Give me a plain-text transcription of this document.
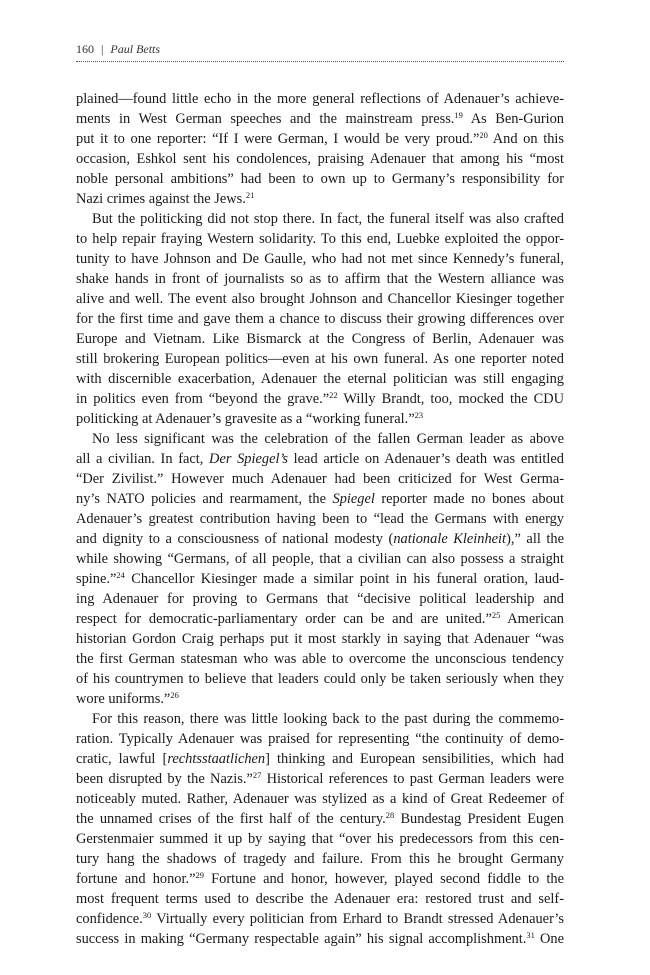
160 | Paul Betts
plained—found little echo in the more general reflections of Adenauer’s achieve-
ments in West German speeches and the mainstream press.$^{19}$ As Ben-Gurion
put it to one reporter: “If I were German, I would be very proud.”$^{20}$ And on this
occasion, Eshkol sent his condolences, praising Adenauer that among his “most
noble personal ambitions” had been to own up to Germany’s responsibility for
Nazi crimes against the Jews.$^{21}$
But the politicking did not stop there. In fact, the funeral itself was also crafted
to help repair fraying Western solidarity. To this end, Luebke exploited the oppor-
tunity to have Johnson and De Gaulle, who had not met since Kennedy’s funeral,
shake hands in front of journalists so as to affirm that the Western alliance was
alive and well. The event also brought Johnson and Chancellor Kiesinger together
for the first time and gave them a chance to discuss their growing differences over
Europe and Vietnam. Like Bismarck at the Congress of Berlin, Adenauer was
still brokering European politics—even at his own funeral. As one reporter noted
with discernible exacerbation, Adenauer the eternal politician was still engaging
in politics even from “beyond the grave.”$^{22}$ Willy Brandt, too, mocked the CDU
politicking at Adenauer’s gravesite as a “working funeral.”$^{23}$
No less significant was the celebration of the fallen German leader as above
all a civilian. In fact, Der Spiegel’s lead article on Adenauer’s death was entitled
“Der Zivilist.” However much Adenauer had been criticized for West Germa-
ny’s NATO policies and rearmament, the Spiegel reporter made no bones about
Adenauer’s greatest contribution having been to “lead the Germans with energy
and dignity to a consciousness of national modesty (nationale Kleinheit),” all the
while showing “Germans, of all people, that a civilian can also possess a straight
spine.”$^{24}$ Chancellor Kiesinger made a similar point in his funeral oration, laud-
ing Adenauer for proving to Germans that “decisive political leadership and
respect for democratic-parliamentary order can be and are united.”$^{25}$ American
historian Gordon Craig perhaps put it most starkly in saying that Adenauer “was
the first German statesman who was able to overcome the unconscious tendency
of his countrymen to believe that leaders could only be taken seriously when they
wore uniforms.”$^{26}$
For this reason, there was little looking back to the past during the commemo-
ration. Typically Adenauer was praised for representing “the continuity of demo-
cratic, lawful [rechtsstaatlichen] thinking and European sensibilities, which had
been disrupted by the Nazis.”$^{27}$ Historical references to past German leaders were
noticeably muted. Rather, Adenauer was stylized as a kind of Great Redeemer of
the unnamed crises of the first half of the century.$^{28}$ Bundestag President Eugen
Gerstenmaier summed it up by saying that “over his predecessors from this cen-
tury hang the shadows of tragedy and failure. From this he brought Germany
fortune and honor.”$^{29}$ Fortune and honor, however, played second fiddle to the
most frequent terms used to describe the Adenauer era: restored trust and self-
confidence.$^{30}$ Virtually every politician from Erhard to Brandt stressed Adenauer’s
success in making “Germany respectable again” his signal accomplishment.$^{31}$ One
